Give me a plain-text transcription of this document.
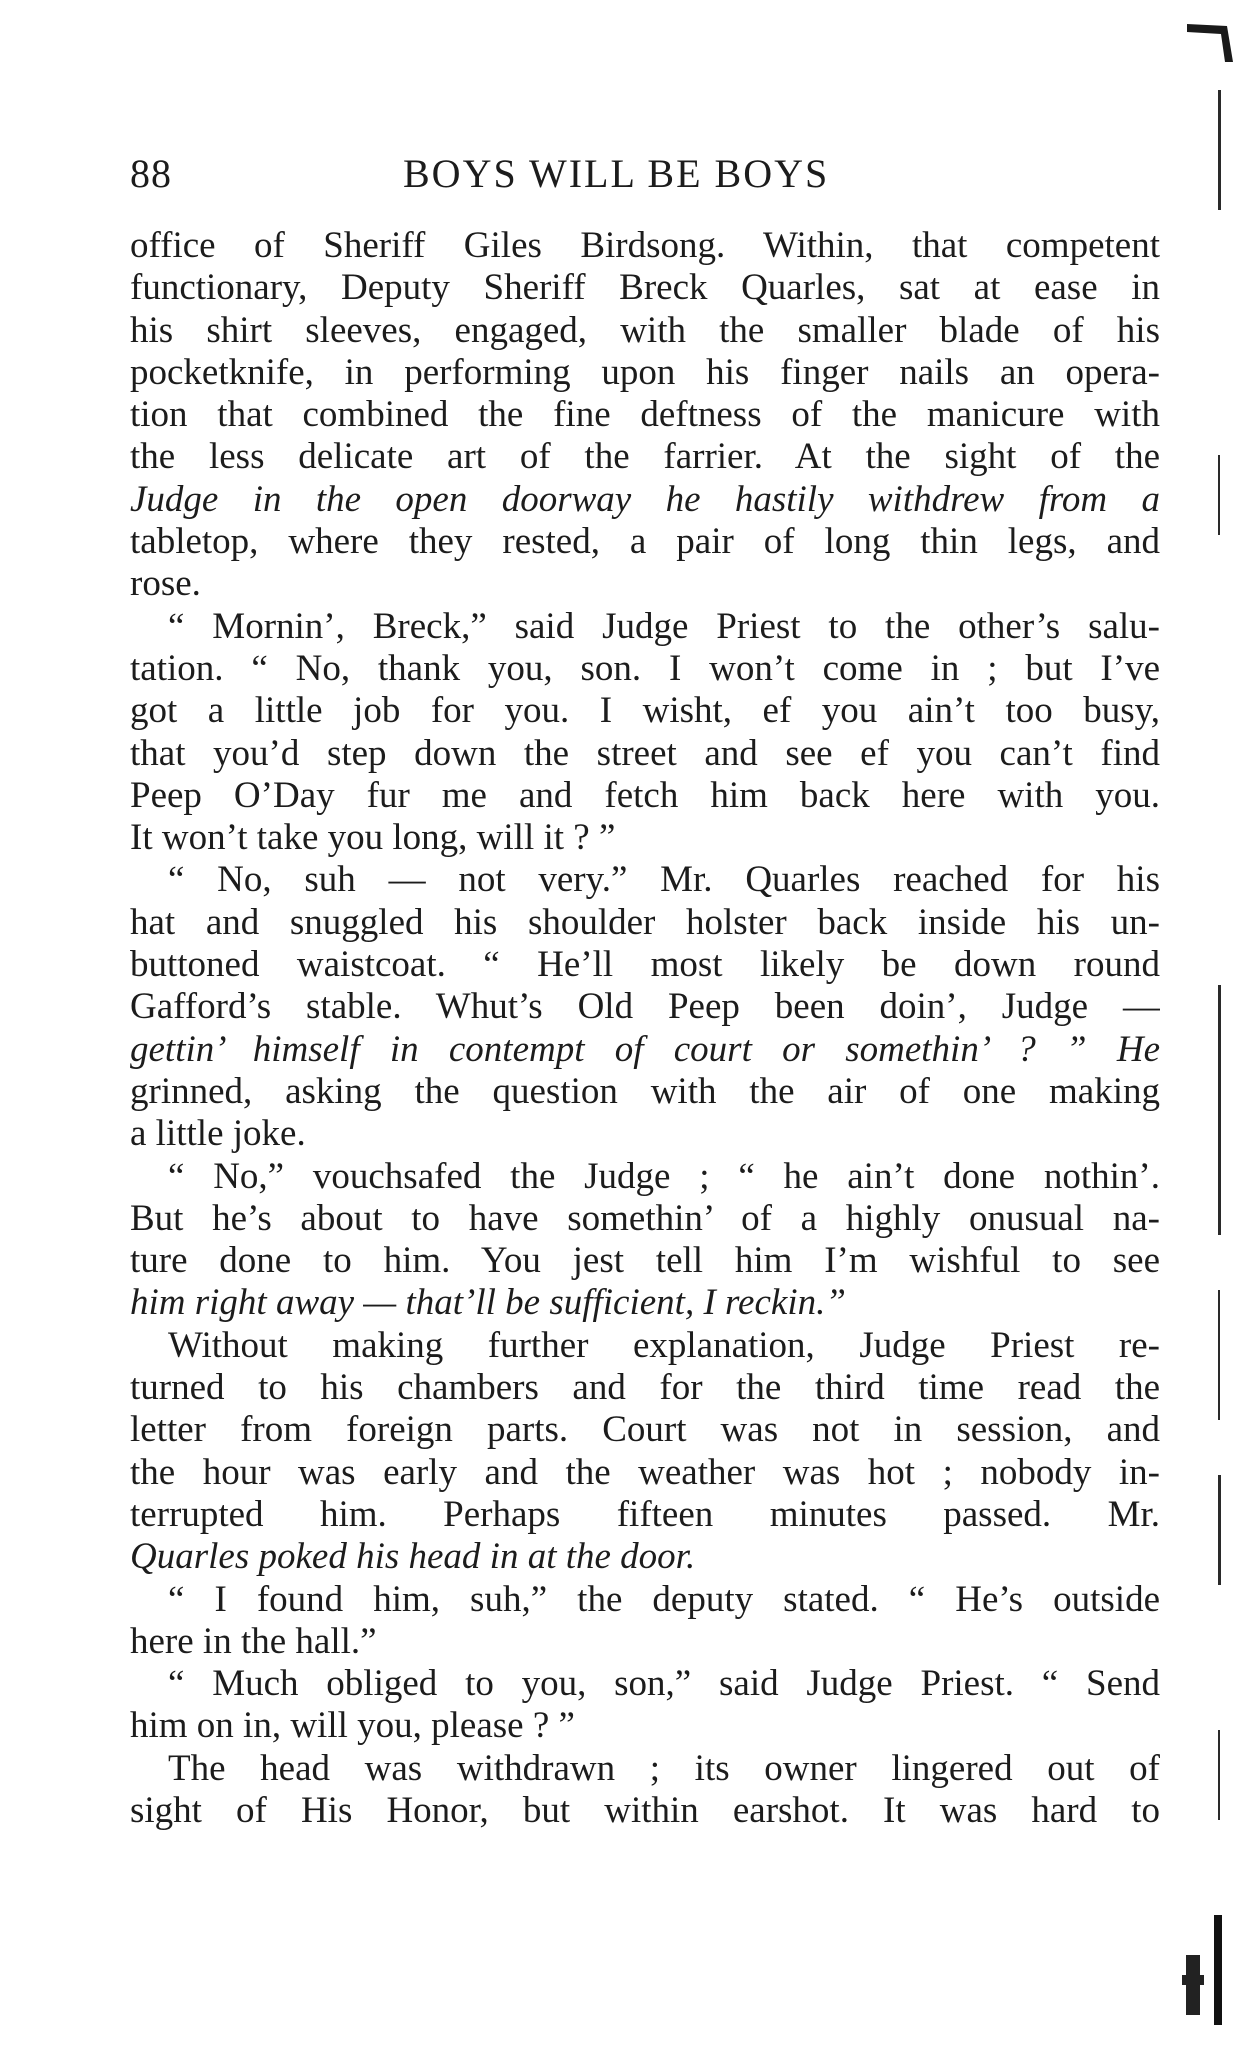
88	BOYS WILL BE BOYS
office of Sheriff Giles Birdsong. Within, that competent
functionary, Deputy Sheriff Breck Quarles, sat at ease in
his shirt sleeves, engaged, with the smaller blade of his
pocketknife, in performing upon his finger nails an opera-
tion that combined the fine deftness of the manicure with
the less delicate art of the farrier. At the sight of the
Judge in the open doorway he hastily withdrew from a
tabletop, where they rested, a pair of long thin legs, and
rose.
“ Mornin’, Breck,” said Judge Priest to the other’s salu-
tation. “ No, thank you, son. I won’t come in ; but I’ve
got a little job for you. I wisht, ef you ain’t too busy,
that you’d step down the street and see ef you can’t find
Peep O’Day fur me and fetch him back here with you.
It won’t take you long, will it ? ”
“ No, suh — not very.” Mr. Quarles reached for his
hat and snuggled his shoulder holster back inside his un-
buttoned waistcoat. “ He’ll most likely be down round
Gafford’s stable. Whut’s Old Peep been doin’, Judge —
gettin’ himself in contempt of court or somethin’ ? ” He
grinned, asking the question with the air of one making
a little joke.
“ No,” vouchsafed the Judge ; “ he ain’t done nothin’.
But he’s about to have somethin’ of a highly onusual na-
ture done to him. You jest tell him I’m wishful to see
him right away — that’ll be sufficient, I reckin.”
Without making further explanation, Judge Priest re-
turned to his chambers and for the third time read the
letter from foreign parts. Court was not in session, and
the hour was early and the weather was hot ; nobody in-
terrupted him. Perhaps fifteen minutes passed. Mr.
Quarles poked his head in at the door.
“ I found him, suh,” the deputy stated. “ He’s outside
here in the hall.”
“ Much obliged to you, son,” said Judge Priest. “ Send
him on in, will you, please ? ”
The head was withdrawn ; its owner lingered out of
sight of His Honor, but within earshot. It was hard to
